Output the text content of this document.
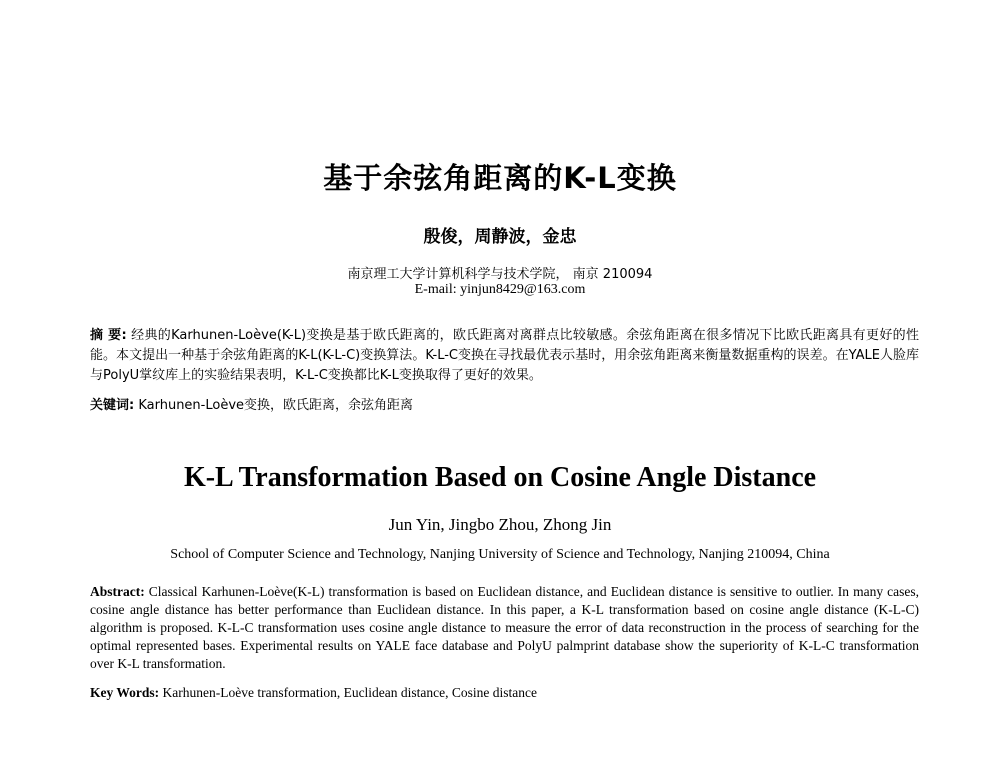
基于余弦角距离的K-L变换
殷俊，周静波，金忠
南京理工大学计算机科学与技术学院， 南京 210094
E-mail: yinjun8429@163.com
摘 要: 经典的Karhunen-Loève(K-L)变换是基于欧氏距离的，欧氏距离对离群点比较敏感。余弦角距离在很多情况下比欧氏距离具有更好的性能。本文提出一种基于余弦角距离的K-L(K-L-C)变换算法。K-L-C变换在寻找最优表示基时，用余弦角距离来衡量数据重构的误差。在YALE人脸库与PolyU掌纹库上的实验结果表明，K-L-C变换都比K-L变换取得了更好的效果。
关键词: Karhunen-Loève变换，欧氏距离，余弦角距离
K-L Transformation Based on Cosine Angle Distance
Jun Yin, Jingbo Zhou, Zhong Jin
School of Computer Science and Technology, Nanjing University of Science and Technology, Nanjing 210094, China
Abstract: Classical Karhunen-Loève(K-L) transformation is based on Euclidean distance, and Euclidean distance is sensitive to outlier. In many cases, cosine angle distance has better performance than Euclidean distance. In this paper, a K-L transformation based on cosine angle distance (K-L-C) algorithm is proposed. K-L-C transformation uses cosine angle distance to measure the error of data reconstruction in the process of searching for the optimal represented bases. Experimental results on YALE face database and PolyU palmprint database show the superiority of K-L-C transformation over K-L transformation.
Key Words: Karhunen-Loève transformation, Euclidean distance, Cosine distance
